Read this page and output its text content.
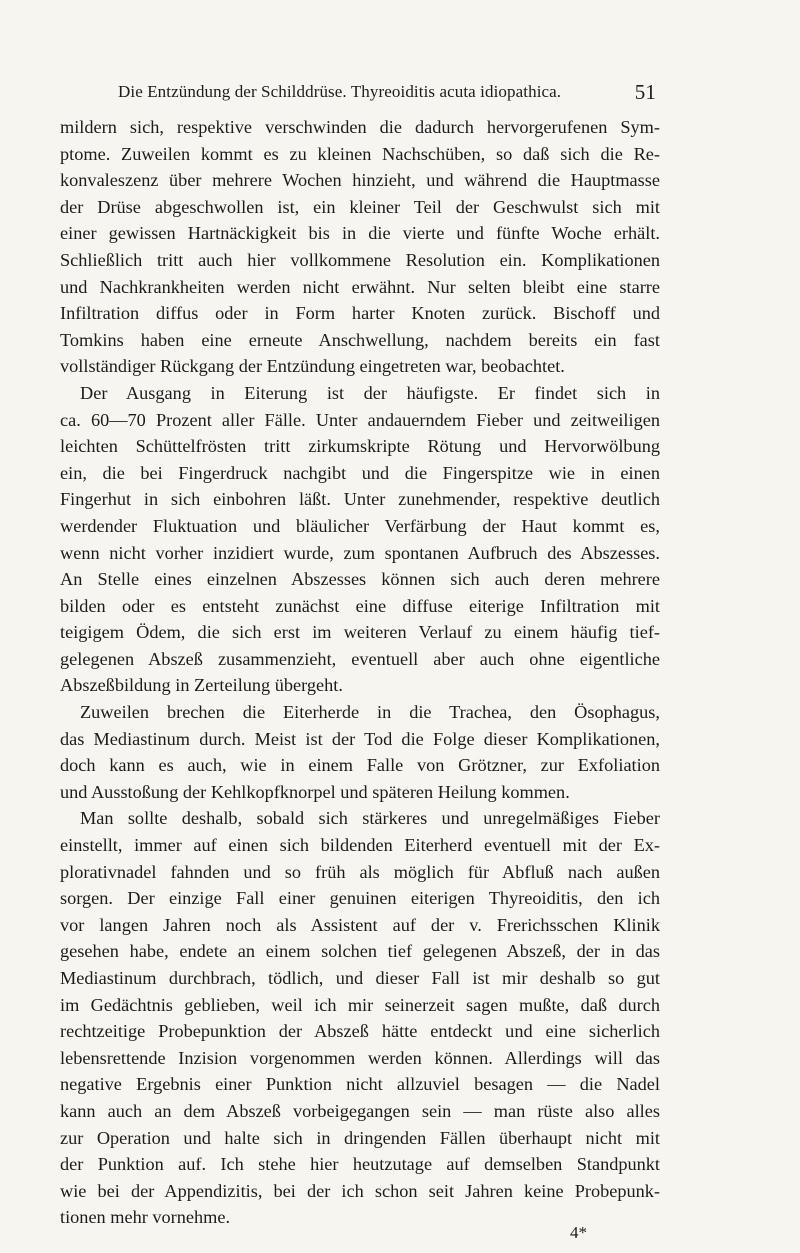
Die Entzündung der Schilddrüse. Thyreoiditis acuta idiopathica.	51
mildern sich, respektive verschwinden die dadurch hervorgerufenen Sym-
ptome. Zuweilen kommt es zu kleinen Nachschüben, so daß sich die Re-
konvaleszenz über mehrere Wochen hinzieht, und während die Hauptmasse
der Drüse abgeschwollen ist, ein kleiner Teil der Geschwulst sich mit
einer gewissen Hartnäckigkeit bis in die vierte und fünfte Woche erhält.
Schließlich tritt auch hier vollkommene Resolution ein. Komplikationen
und Nachkrankheiten werden nicht erwähnt. Nur selten bleibt eine starre
Infiltration diffus oder in Form harter Knoten zurück. Bischoff und
Tomkins haben eine erneute Anschwellung, nachdem bereits ein fast
vollständiger Rückgang der Entzündung eingetreten war, beobachtet.
Der Ausgang in Eiterung ist der häufigste. Er findet sich in
ca. 60—70 Prozent aller Fälle. Unter andauerndem Fieber und zeitweiligen
leichten Schüttelfrösten tritt zirkumskripte Rötung und Hervorwölbung
ein, die bei Fingerdruck nachgibt und die Fingerspitze wie in einen
Fingerhut in sich einbohren läßt. Unter zunehmender, respektive deutlich
werdender Fluktuation und bläulicher Verfärbung der Haut kommt es,
wenn nicht vorher inzidiert wurde, zum spontanen Aufbruch des Abszesses.
An Stelle eines einzelnen Abszesses können sich auch deren mehrere
bilden oder es entsteht zunächst eine diffuse eiterige Infiltration mit
teigigem Ödem, die sich erst im weiteren Verlauf zu einem häufig tief-
gelegenen Abszeß zusammenzieht, eventuell aber auch ohne eigentliche
Abszeßbildung in Zerteilung übergeht.
Zuweilen brechen die Eiterherde in die Trachea, den Ösophagus,
das Mediastinum durch. Meist ist der Tod die Folge dieser Komplikationen,
doch kann es auch, wie in einem Falle von Grötzner, zur Exfoliation
und Ausstoßung der Kehlkopfknorpel und späteren Heilung kommen.
Man sollte deshalb, sobald sich stärkeres und unregelmäßiges Fieber
einstellt, immer auf einen sich bildenden Eiterherd eventuell mit der Ex-
plorativnadel fahnden und so früh als möglich für Abfluß nach außen
sorgen. Der einzige Fall einer genuinen eiterigen Thyreoiditis, den ich
vor langen Jahren noch als Assistent auf der v. Frerichsschen Klinik
gesehen habe, endete an einem solchen tief gelegenen Abszeß, der in das
Mediastinum durchbrach, tödlich, und dieser Fall ist mir deshalb so gut
im Gedächtnis geblieben, weil ich mir seinerzeit sagen mußte, daß durch
rechtzeitige Probepunktion der Abszeß hätte entdeckt und eine sicherlich
lebensrettende Inzision vorgenommen werden können. Allerdings will das
negative Ergebnis einer Punktion nicht allzuviel besagen — die Nadel
kann auch an dem Abszeß vorbeigegangen sein — man rüste also alles
zur Operation und halte sich in dringenden Fällen überhaupt nicht mit
der Punktion auf. Ich stehe hier heutzutage auf demselben Standpunkt
wie bei der Appendizitis, bei der ich schon seit Jahren keine Probepunk-
tionen mehr vornehme.
4*
